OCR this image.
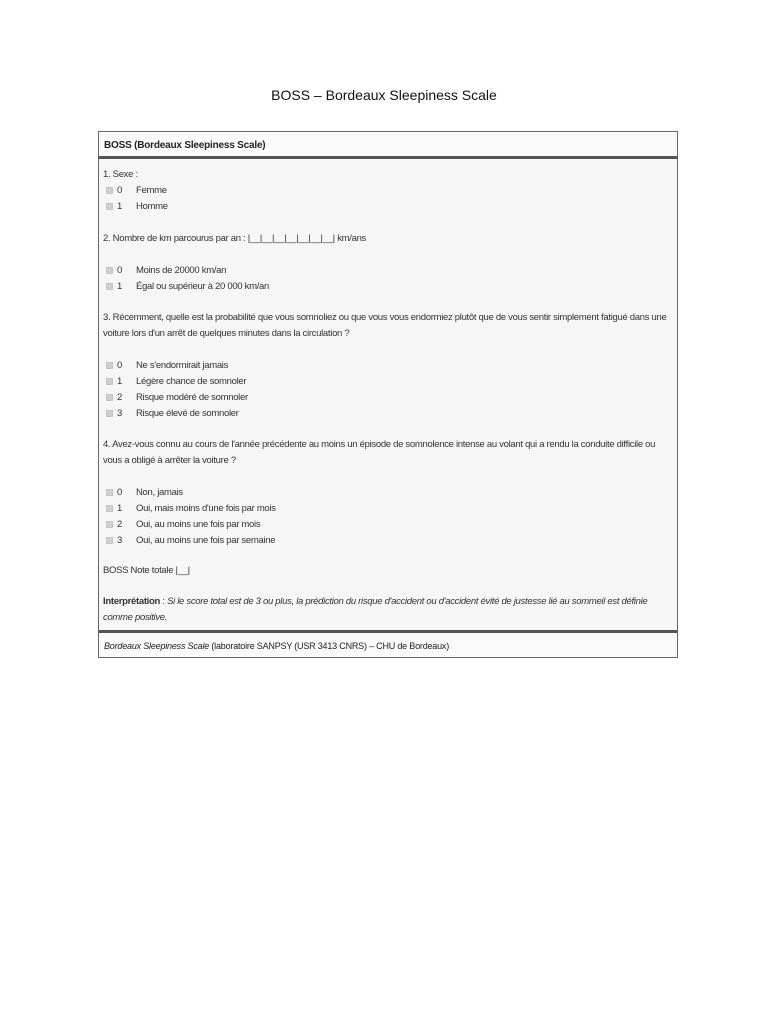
BOSS – Bordeaux Sleepiness Scale
BOSS (Bordeaux Sleepiness Scale)
1. Sexe :
0 Femme
1 Homme
2. Nombre de km parcourus par an : |__|__|__|__|__|__|__| km/ans
0 Moins de 20000 km/an
1 Égal ou supérieur à 20 000 km/an
3. Récemment, quelle est la probabilité que vous somnoliez ou que vous vous endormiez plutôt que de vous sentir simplement fatigué dans une voiture lors d'un arrêt de quelques minutes dans la circulation ?
0 Ne s'endormirait jamais
1 Légère chance de somnoler
2 Risque modéré de somnoler
3 Risque élevé de somnoler
4. Avez-vous connu au cours de l'année précédente au moins un épisode de somnolence intense au volant qui a rendu la conduite difficile ou vous a obligé à arrêter la voiture ?
0 Non, jamais
1 Oui, mais moins d'une fois par mois
2 Oui, au moins une fois par mois
3 Oui, au moins une fois par semaine
BOSS Note totale |__|
Interprétation : Si le score total est de 3 ou plus, la prédiction du risque d'accident ou d'accident évité de justesse lié au sommeil est définie comme positive.
Bordeaux Sleepiness Scale (laboratoire SANPSY (USR 3413 CNRS) – CHU de Bordeaux)
